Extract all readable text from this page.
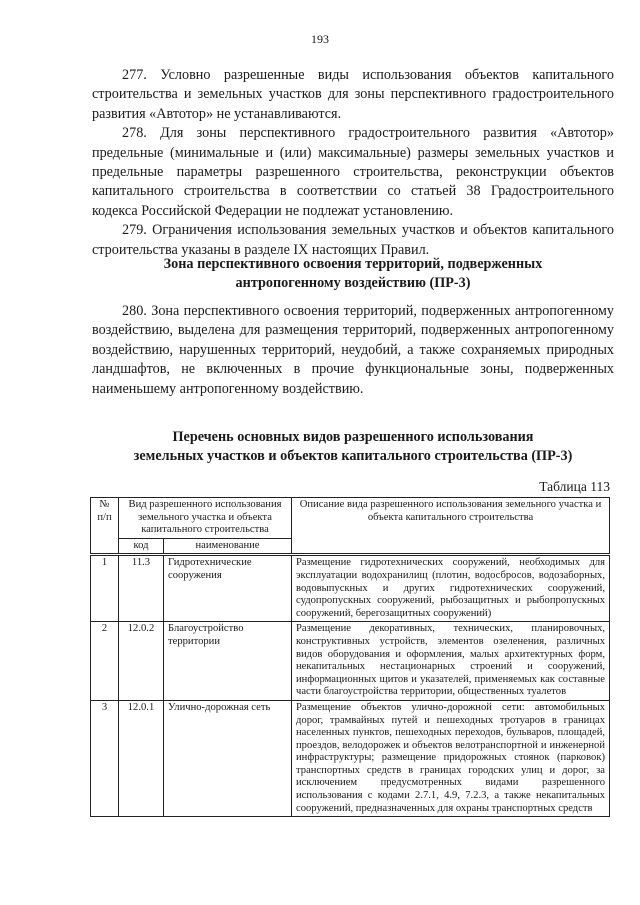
193

277. Условно разрешенные виды использования объектов капитального строительства и земельных участков для зоны перспективного градостроительного развития «Автотор» не устанавливаются.

278. Для зоны перспективного градостроительного развития «Автотор» предельные (минимальные и (или) максимальные) размеры земельных участков и предельные параметры разрешенного строительства, реконструкции объектов капитального строительства в соответствии со статьей 38 Градостроительного кодекса Российской Федерации не подлежат установлению.

279. Ограничения использования земельных участков и объектов капитального строительства указаны в разделе IX настоящих Правил.

Зона перспективного освоения территорий, подверженных
антропогенному воздействию (ПР-3)

280. Зона перспективного освоения территорий, подверженных антропогенному воздействию, выделена для размещения территорий, подверженных антропогенному воздействию, нарушенных территорий, неудобий, а также сохраняемых природных ландшафтов, не включенных в прочие функциональные зоны, подверженных наименьшему антропогенному воздействию.

Перечень основных видов разрешенного использования
земельных участков и объектов капитального строительства (ПР-3)
Таблица 113
№ п/п	Вид разрешенного использования земельного участка и объекта капитального строительства		Описание вида разрешенного использования земельного участка и объекта капитального строительства
	код	наименование	
1	11.3	Гидротехнические сооружения	Размещение гидротехнических сооружений, необходимых для эксплуатации водохранилищ (плотин, водосбросов, водозаборных, водовыпускных и других гидротехнических сооружений, судопропускных сооружений, рыбозащитных и рыбопропускных сооружений, берегозащитных сооружений)
2	12.0.2	Благоустройство территории	Размещение декоративных, технических, планировочных, конструктивных устройств, элементов озеленения, различных видов оборудования и оформления, малых архитектурных форм, некапитальных нестационарных строений и сооружений, информационных щитов и указателей, применяемых как составные части благоустройства территории, общественных туалетов
3	12.0.1	Улично-дорожная сеть	Размещение объектов улично-дорожной сети: автомобильных дорог, трамвайных путей и пешеходных тротуаров в границах населенных пунктов, пешеходных переходов, бульваров, площадей, проездов, велодорожек и объектов велотранспортной и инженерной инфраструктуры; размещение придорожных стоянок (парковок) транспортных средств в границах городских улиц и дорог, за исключением предусмотренных видами разрешенного использования с кодами 2.7.1, 4.9, 7.2.3, а также некапитальных сооружений, предназначенных для охраны транспортных средств
